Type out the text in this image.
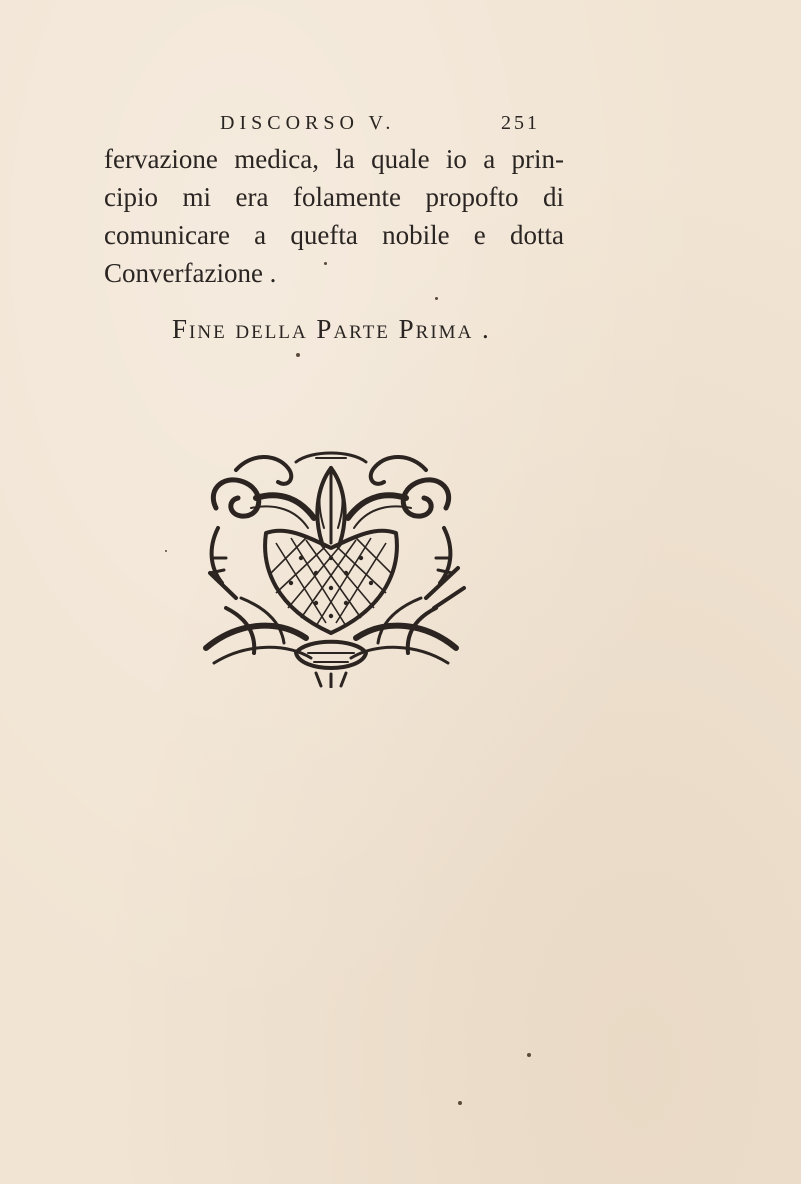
DISCORSO V.	251
fervazione medica, la quale io a prin-
cipio mi era folamente propofto di
comunicare a quefta nobile e dotta
Converfazione .
Fine della Parte Prima .
